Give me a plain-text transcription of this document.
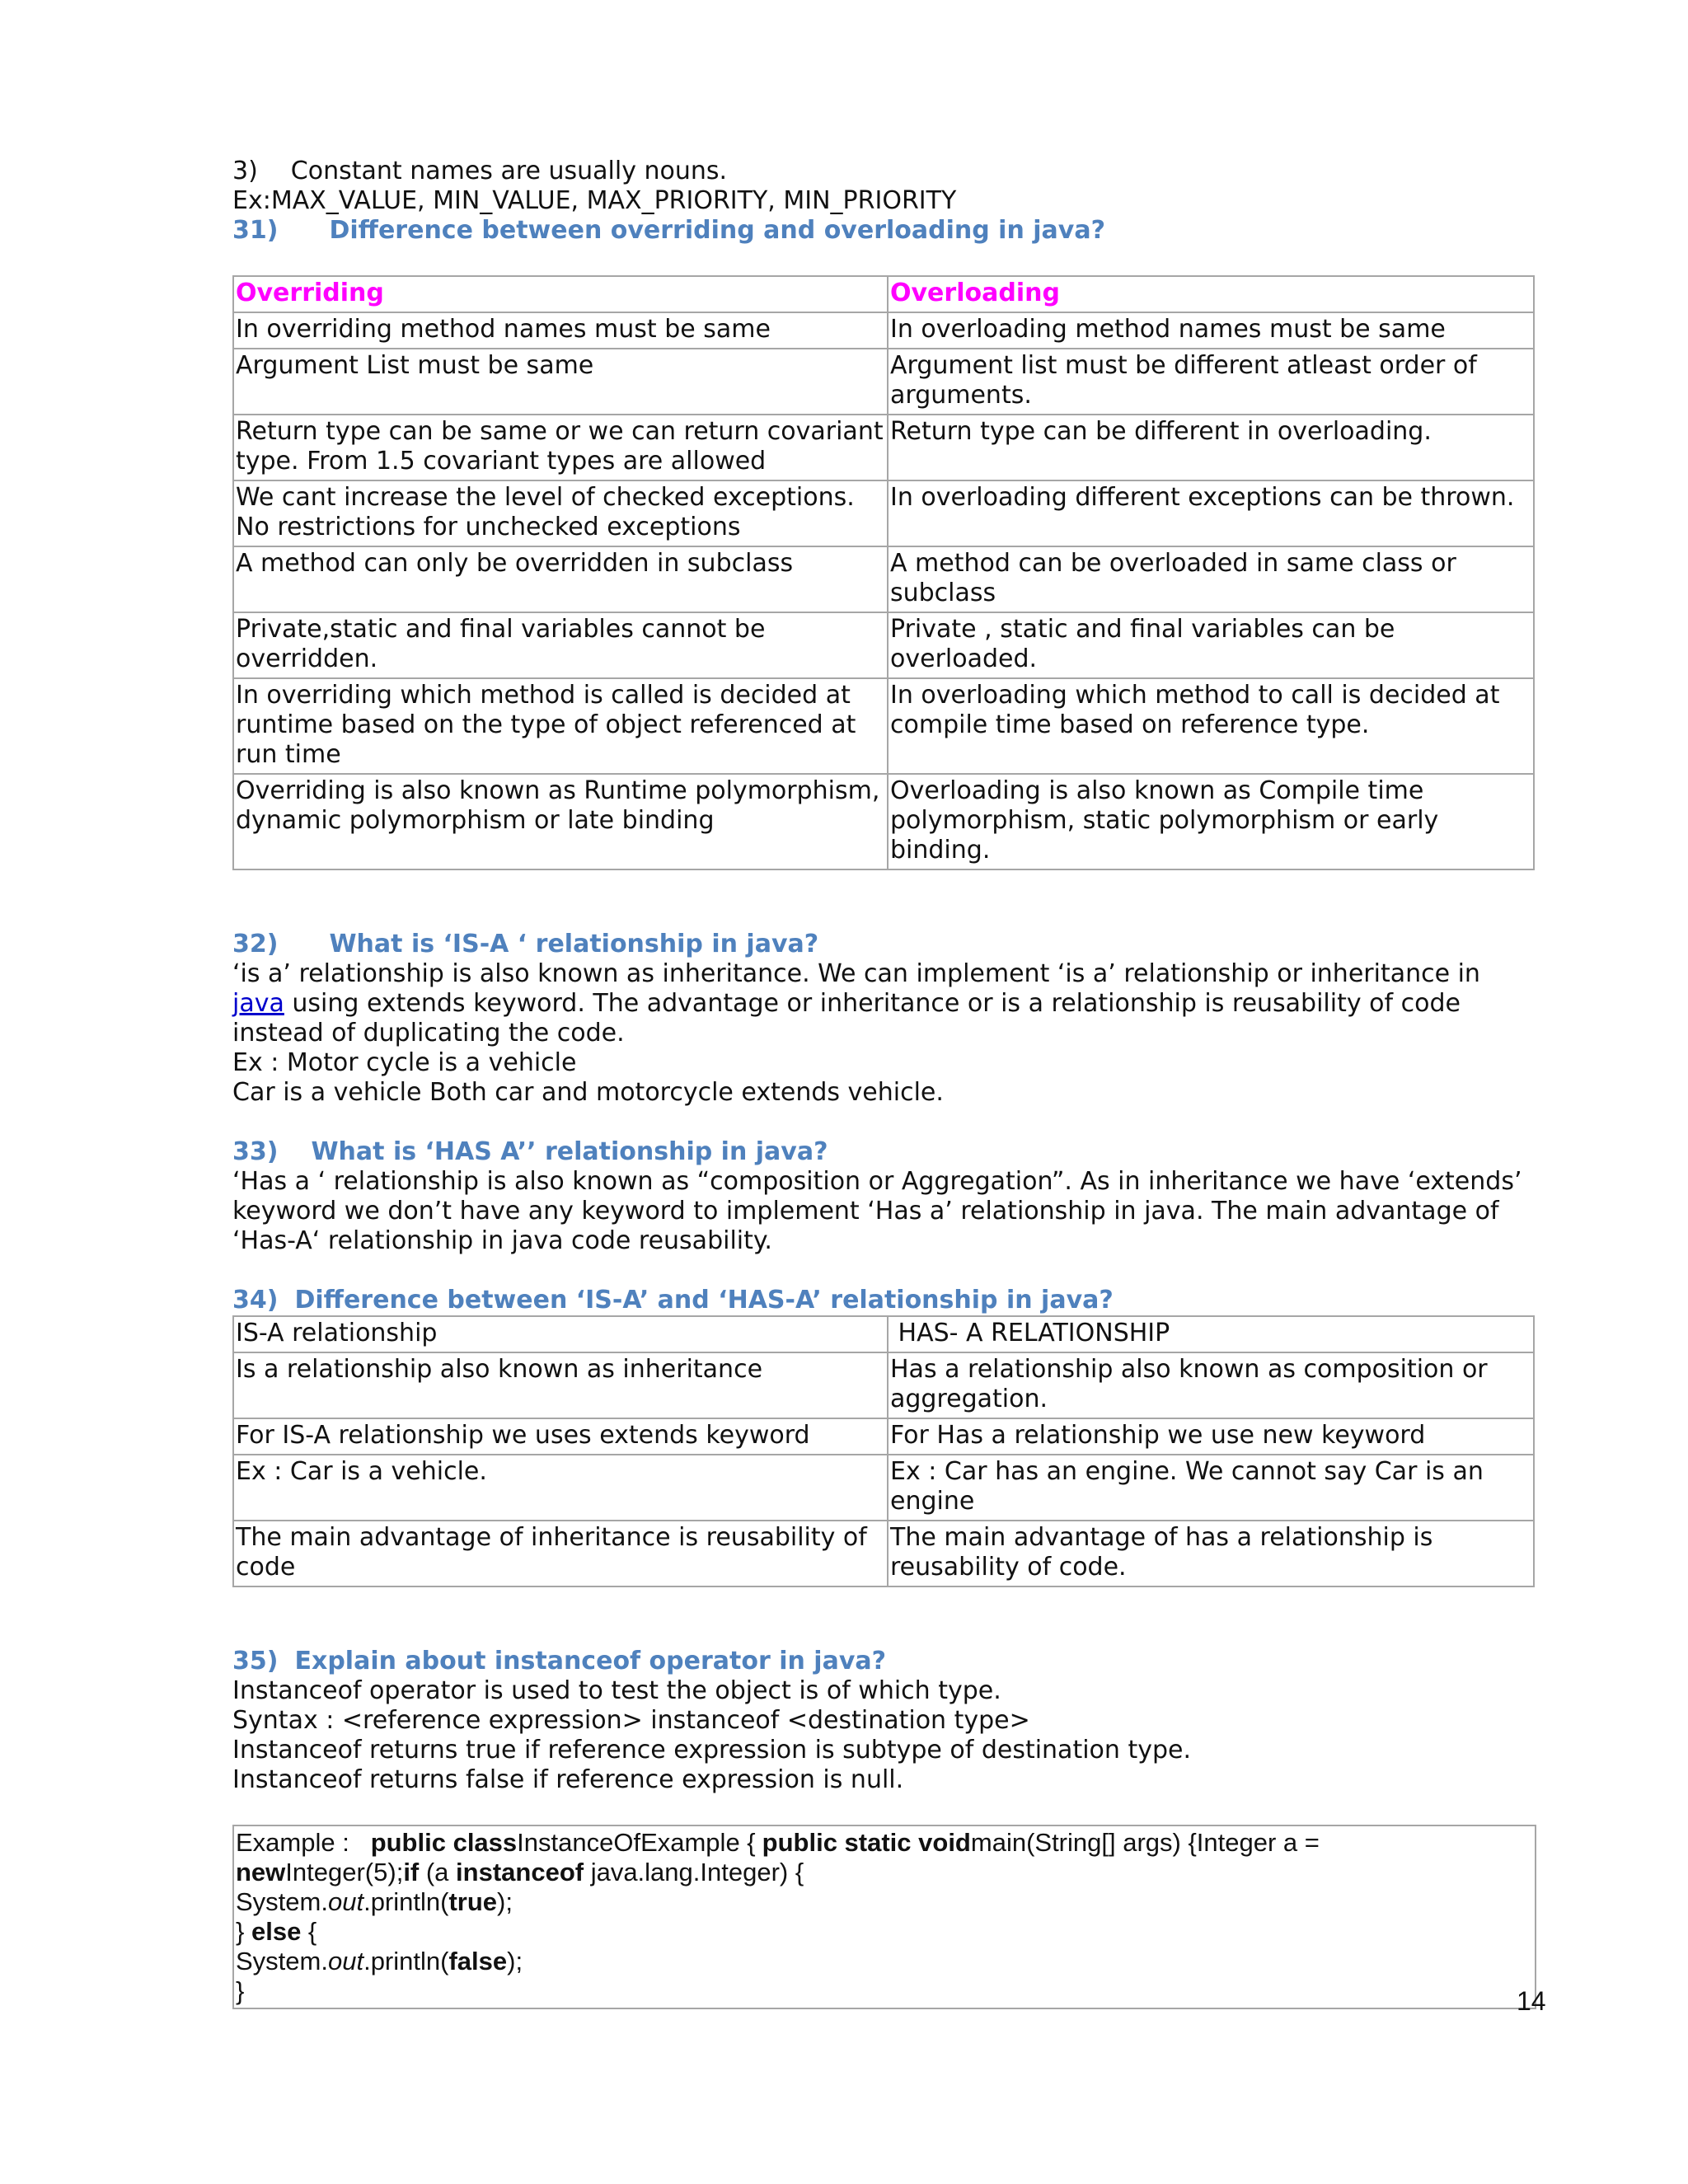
3) Constant names are usually nouns.
Ex:MAX_VALUE, MIN_VALUE, MAX_PRIORITY, MIN_PRIORITY
31) Difference between overriding and overloading in java?
Overriding	Overloading
In overriding method names must be same	In overloading method names must be same
Argument List must be same	Argument list must be different atleast order of arguments.
Return type can be same or we can return covariant type. From 1.5 covariant types are allowed	Return type can be different in overloading.
We cant increase the level of checked exceptions. No restrictions for unchecked exceptions	In overloading different exceptions can be thrown.
A method can only be overridden in subclass	A method can be overloaded in same class or subclass
Private,static and final variables cannot be overridden.	Private , static and final variables can be overloaded.
In overriding which method is called is decided at runtime based on the type of object referenced at run time	In overloading which method to call is decided at compile time based on reference type.
Overriding is also known as Runtime polymorphism, dynamic polymorphism or late binding	Overloading is also known as Compile time polymorphism, static polymorphism or early binding.
32) What is ‘IS-A ‘ relationship in java?

‘is a’ relationship is also known as inheritance. We can implement ‘is a’ relationship or inheritance in java using extends keyword. The advantage or inheritance or is a relationship is reusability of code instead of duplicating the code.

Ex : Motor cycle is a vehicle
Car is a vehicle Both car and motorcycle extends vehicle.
33) What is ‘HAS A’’ relationship in java?

‘Has a ‘ relationship is also known as “composition or Aggregation”. As in inheritance we have ‘extends’ keyword we don’t have any keyword to implement ‘Has a’ relationship in java. The main advantage of ‘Has-A‘ relationship in java code reusability.

34) Difference between ‘IS-A’ and ‘HAS-A’ relationship in java?
IS-A relationship	HAS- A RELATIONSHIP
Is a relationship also known as inheritance	Has a relationship also known as composition or aggregation.
For IS-A relationship we uses extends keyword	For Has a relationship we use new keyword
Ex : Car is a vehicle.	Ex : Car has an engine. We cannot say Car is an engine
The main advantage of inheritance is reusability of code	The main advantage of has a relationship is reusability of code.
35) Explain about instanceof operator in java?
Instanceof operator is used to test the object is of which type.
Syntax : <reference expression> instanceof <destination type>
Instanceof returns true if reference expression is subtype of destination type.
Instanceof returns false if reference expression is null.
Example :   public classInstanceOfExample { public static voidmain(String[] args) {Integer a =
newInteger(5);if (a instanceof java.lang.Integer) {
System.out.println(true);
} else {
System.out.println(false);
}	14
